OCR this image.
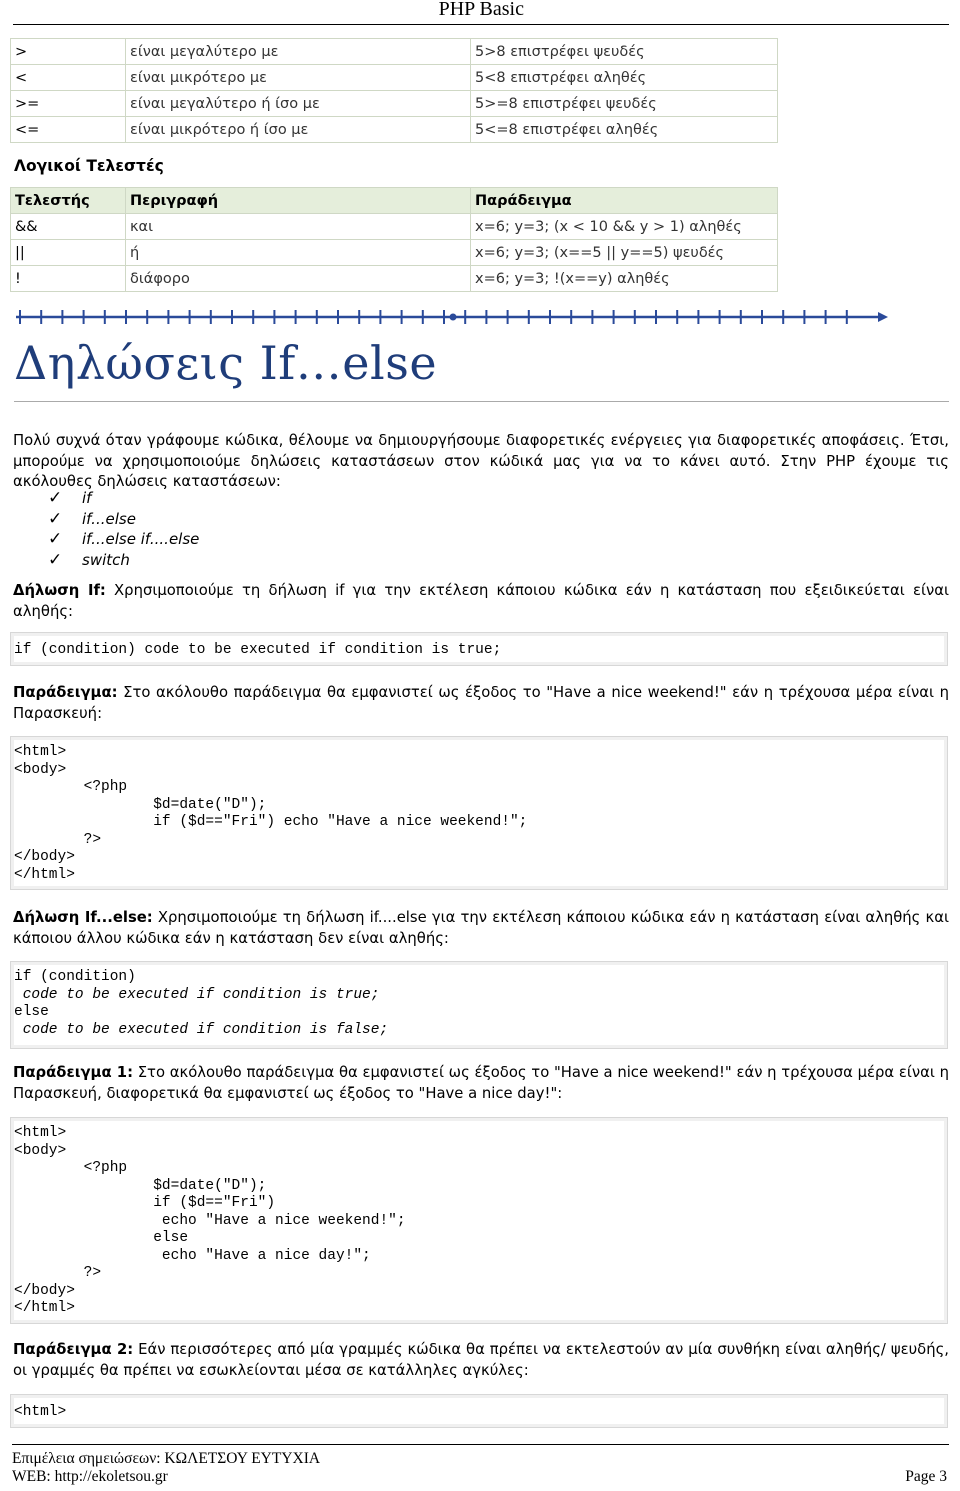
PHP Basic
>	είναι μεγαλύτερο με	5>8 επιστρέφει ψευδές
<	είναι μικρότερο με	5<8 επιστρέφει αληθές
>=	είναι μεγαλύτερο ή ίσο με	5>=8 επιστρέφει ψευδές
<=	είναι μικρότερο ή ίσο με	5<=8 επιστρέφει αληθές
Λογικοί Τελεστές
Τελεστής	Περιγραφή	Παράδειγμα
&&	και	x=6; y=3; (x < 10 && y > 1) αληθές
||	ή	x=6; y=3; (x==5 || y==5) ψευδές
!	διάφορο	x=6; y=3; !(x==y) αληθές
Δηλώσεις If…else
Πολύ συχνά όταν γράφουμε κώδικα, θέλουμε να δημιουργήσουμε διαφορετικές ενέργειες για διαφορετικές αποφάσεις. Έτσι, μπορούμε να χρησιμοποιούμε δηλώσεις καταστάσεων στον κώδικά μας για να το κάνει αυτό. Στην PHP έχουμε τις ακόλουθες δηλώσεις καταστάσεων:
✓	if
✓	if...else
✓	if...else if....else
✓	switch
Δήλωση If: Χρησιμοποιούμε τη δήλωση if για την εκτέλεση κάποιου κώδικα εάν η κατάσταση που εξειδικεύεται είναι αληθής:
if (condition) code to be executed if condition is true;
Παράδειγμα: Στο ακόλουθο παράδειγμα θα εμφανιστεί ως έξοδος το "Have a nice weekend!" εάν η τρέχουσα μέρα είναι η Παρασκευή:
<html>
<body>
<?php
$d=date("D");
if ($d=="Fri") echo "Have a nice weekend!";
?>
</body>
</html>
Δήλωση If...else: Χρησιμοποιούμε τη δήλωση if....else για την εκτέλεση κάποιου κώδικα εάν η κατάσταση είναι αληθής και κάποιου άλλου κώδικα εάν η κατάσταση δεν είναι αληθής:
if (condition)
code to be executed if condition is true;
else
code to be executed if condition is false;
Παράδειγμα 1: Στο ακόλουθο παράδειγμα θα εμφανιστεί ως έξοδος το "Have a nice weekend!" εάν η τρέχουσα μέρα είναι η Παρασκευή, διαφορετικά θα εμφανιστεί ως έξοδος το "Have a nice day!":
<html>
<body>
<?php
$d=date("D");
if ($d=="Fri")
echo "Have a nice weekend!";
else
echo "Have a nice day!";
?>
</body>
</html>
Παράδειγμα 2: Εάν περισσότερες από μία γραμμές κώδικα θα πρέπει να εκτελεστούν αν μία συνθήκη είναι αληθής/ ψευδής, οι γραμμές θα πρέπει να εσωκλείονται μέσα σε κατάλληλες αγκύλες:
<html>
Επιμέλεια σημειώσεων: ΚΩΛΕΤΣΟΥ ΕΥΤΥΧΙΑ
WEB: http://ekoletsou.gr	Page 3
